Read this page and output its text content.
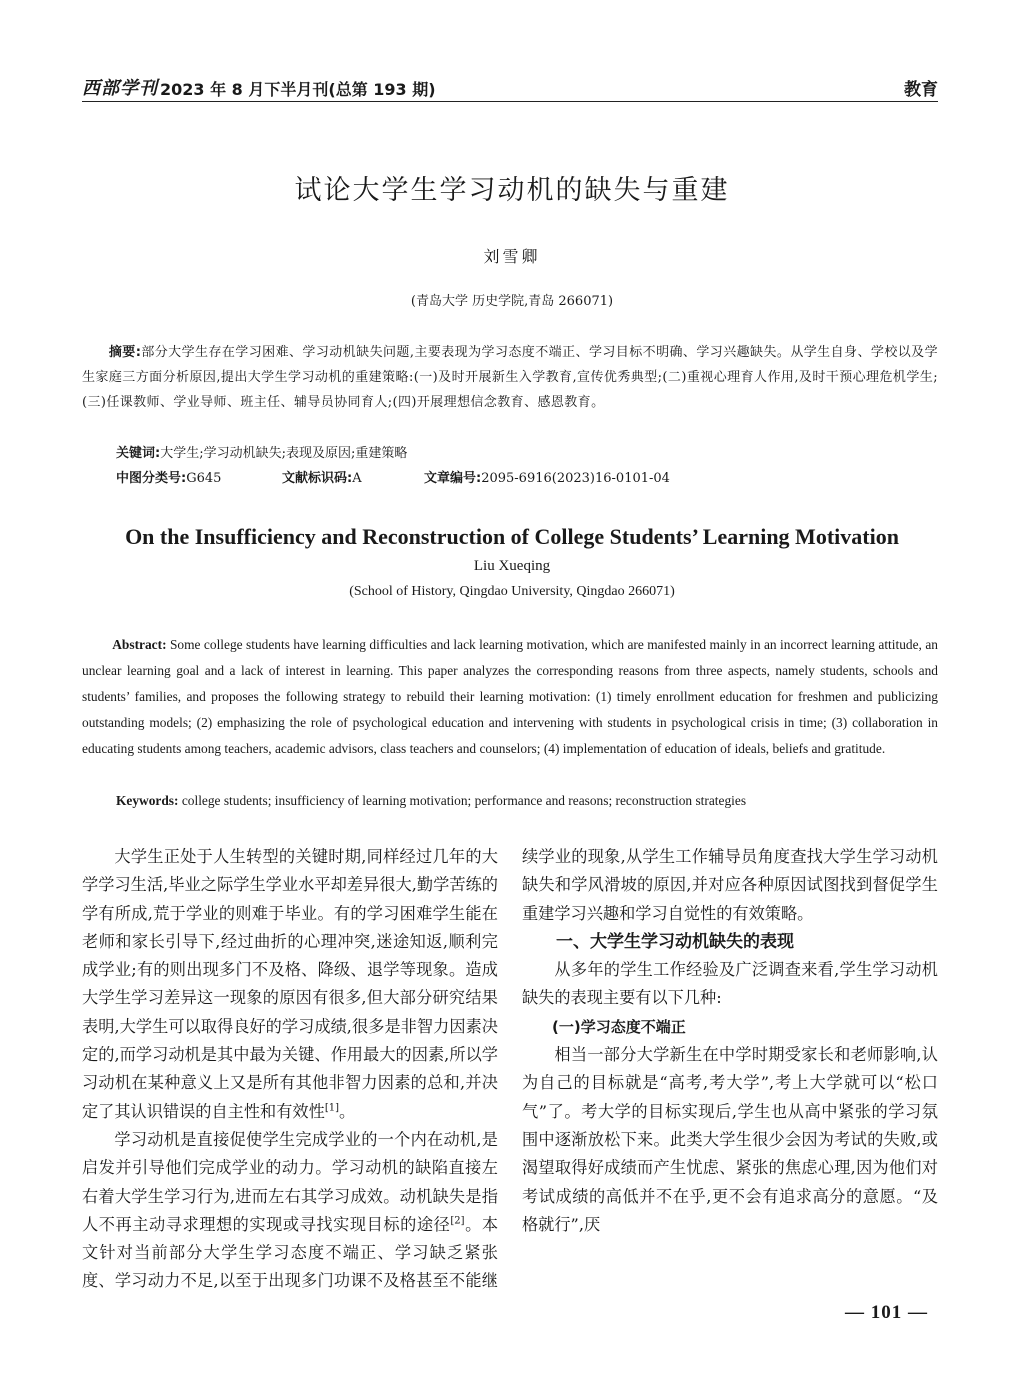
西部学刊 2023 年 8 月下半月刊(总第 193 期)	教育
试论大学生学习动机的缺失与重建
刘雪卿
(青岛大学 历史学院,青岛 266071)
  摘要:部分大学生存在学习困难、学习动机缺失问题,主要表现为学习态度不端正、学习目标不明确、学习兴趣缺失。从学生自身、学校以及学生家庭三方面分析原因,提出大学生学习动机的重建策略:(一)及时开展新生入学教育,宣传优秀典型;(二)重视心理育人作用,及时干预心理危机学生;(三)任课教师、学业导师、班主任、辅导员协同育人;(四)开展理想信念教育、感恩教育。
关键词:大学生;学习动机缺失;表现及原因;重建策略
中图分类号:G645	文献标识码:A	文章编号:2095-6916(2023)16-0101-04
On the Insufficiency and Reconstruction of College Students’ Learning Motivation
Liu Xueqing
(School of History, Qingdao University, Qingdao 266071)
   Abstract: Some college students have learning difficulties and lack learning motivation, which are manifested mainly in an incorrect learning attitude, an unclear learning goal and a lack of interest in learning. This paper analyzes the corresponding reasons from three aspects, namely students, schools and students’ families, and proposes the following strategy to rebuild their learning motivation: (1) timely enrollment education for freshmen and publicizing outstanding models; (2) emphasizing the role of psychological education and intervening with students in psychological crisis in time; (3) collaboration in educating students among teachers, academic advisors, class teachers and counselors; (4) implementation of education of ideals, beliefs and gratitude.
Keywords: college students; insufficiency of learning motivation; performance and reasons; reconstruction strategies

大学生正处于人生转型的关键时期,同样经过几年的大学学习生活,毕业之际学生学业水平却差异很大,勤学苦练的学有所成,荒于学业的则难于毕业。有的学习困难学生能在老师和家长引导下,经过曲折的心理冲突,迷途知返,顺利完成学业;有的则出现多门不及格、降级、退学等现象。造成大学生学习差异这一现象的原因有很多,但大部分研究结果表明,大学生可以取得良好的学习成绩,很多是非智力因素决定的,而学习动机是其中最为关键、作用最大的因素,所以学习动机在某种意义上又是所有其他非智力因素的总和,并决定了其认识错误的自主性和有效性[1]。

学习动机是直接促使学生完成学业的一个内在动机,是启发并引导他们完成学业的动力。学习动机的缺陷直接左右着大学生学习行为,进而左右其学习成效。动机缺失是指人不再主动寻求理想的实现或寻找实现目标的途径[2]。本文针对当前部分大学生学习态度不端正、学习缺乏紧张度、学习动力不足,以至于出现多门功课不及格甚至不能继续学业的现象,从学生工作辅导员角度查找大学生学习动机缺失和学风滑坡的原因,并对应各种原因试图找到督促学生重建学习兴趣和学习自觉性的有效策略。

一、大学生学习动机缺失的表现

从多年的学生工作经验及广泛调查来看,学生学习动机缺失的表现主要有以下几种:

(一)学习态度不端正

相当一部分大学新生在中学时期受家长和老师影响,认为自己的目标就是“高考,考大学”,考上大学就可以“松口气”了。考大学的目标实现后,学生也从高中紧张的学习氛围中逐渐放松下来。此类大学生很少会因为考试的失败,或渴望取得好成绩而产生忧虑、紧张的焦虑心理,因为他们对考试成绩的高低并不在乎,更不会有追求高分的意愿。“及格就行”,厌

— 101 —
